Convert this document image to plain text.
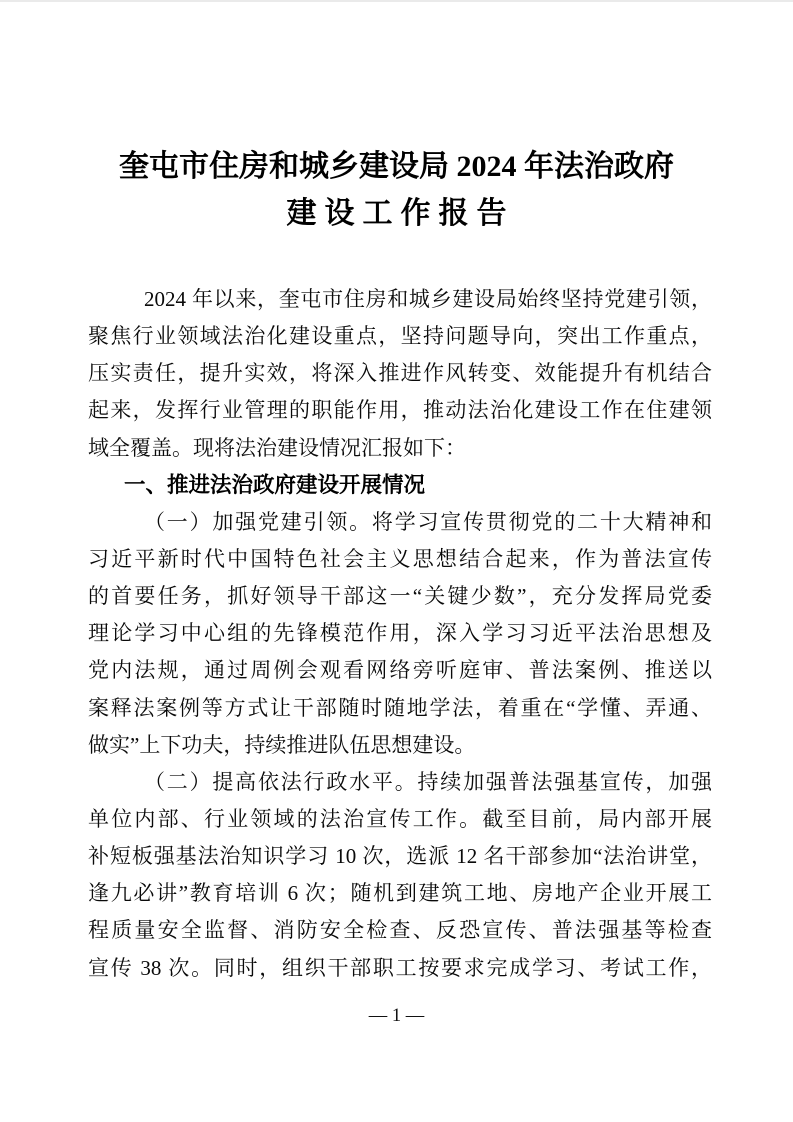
奎屯市住房和城乡建设局 2024 年法治政府
建设工作报告
2024 年以来，奎屯市住房和城乡建设局始终坚持党建引领，
聚焦行业领域法治化建设重点，坚持问题导向，突出工作重点，
压实责任，提升实效，将深入推进作风转变、效能提升有机结合
起来，发挥行业管理的职能作用，推动法治化建设工作在住建领
域全覆盖。现将法治建设情况汇报如下：
一、推进法治政府建设开展情况
（一）加强党建引领。将学习宣传贯彻党的二十大精神和
习近平新时代中国特色社会主义思想结合起来，作为普法宣传
的首要任务，抓好领导干部这一“关键少数”，充分发挥局党委
理论学习中心组的先锋模范作用，深入学习习近平法治思想及
党内法规，通过周例会观看网络旁听庭审、普法案例、推送以
案释法案例等方式让干部随时随地学法，着重在“学懂、弄通、
做实”上下功夫，持续推进队伍思想建设。
（二）提高依法行政水平。持续加强普法强基宣传，加强
单位内部、行业领域的法治宣传工作。截至目前，局内部开展
补短板强基法治知识学习 10 次，选派 12 名干部参加“法治讲堂，
逢九必讲”教育培训 6 次；随机到建筑工地、房地产企业开展工
程质量安全监督、消防安全检查、反恐宣传、普法强基等检查
宣传 38 次。同时，组织干部职工按要求完成学习、考试工作，
— 1 —
